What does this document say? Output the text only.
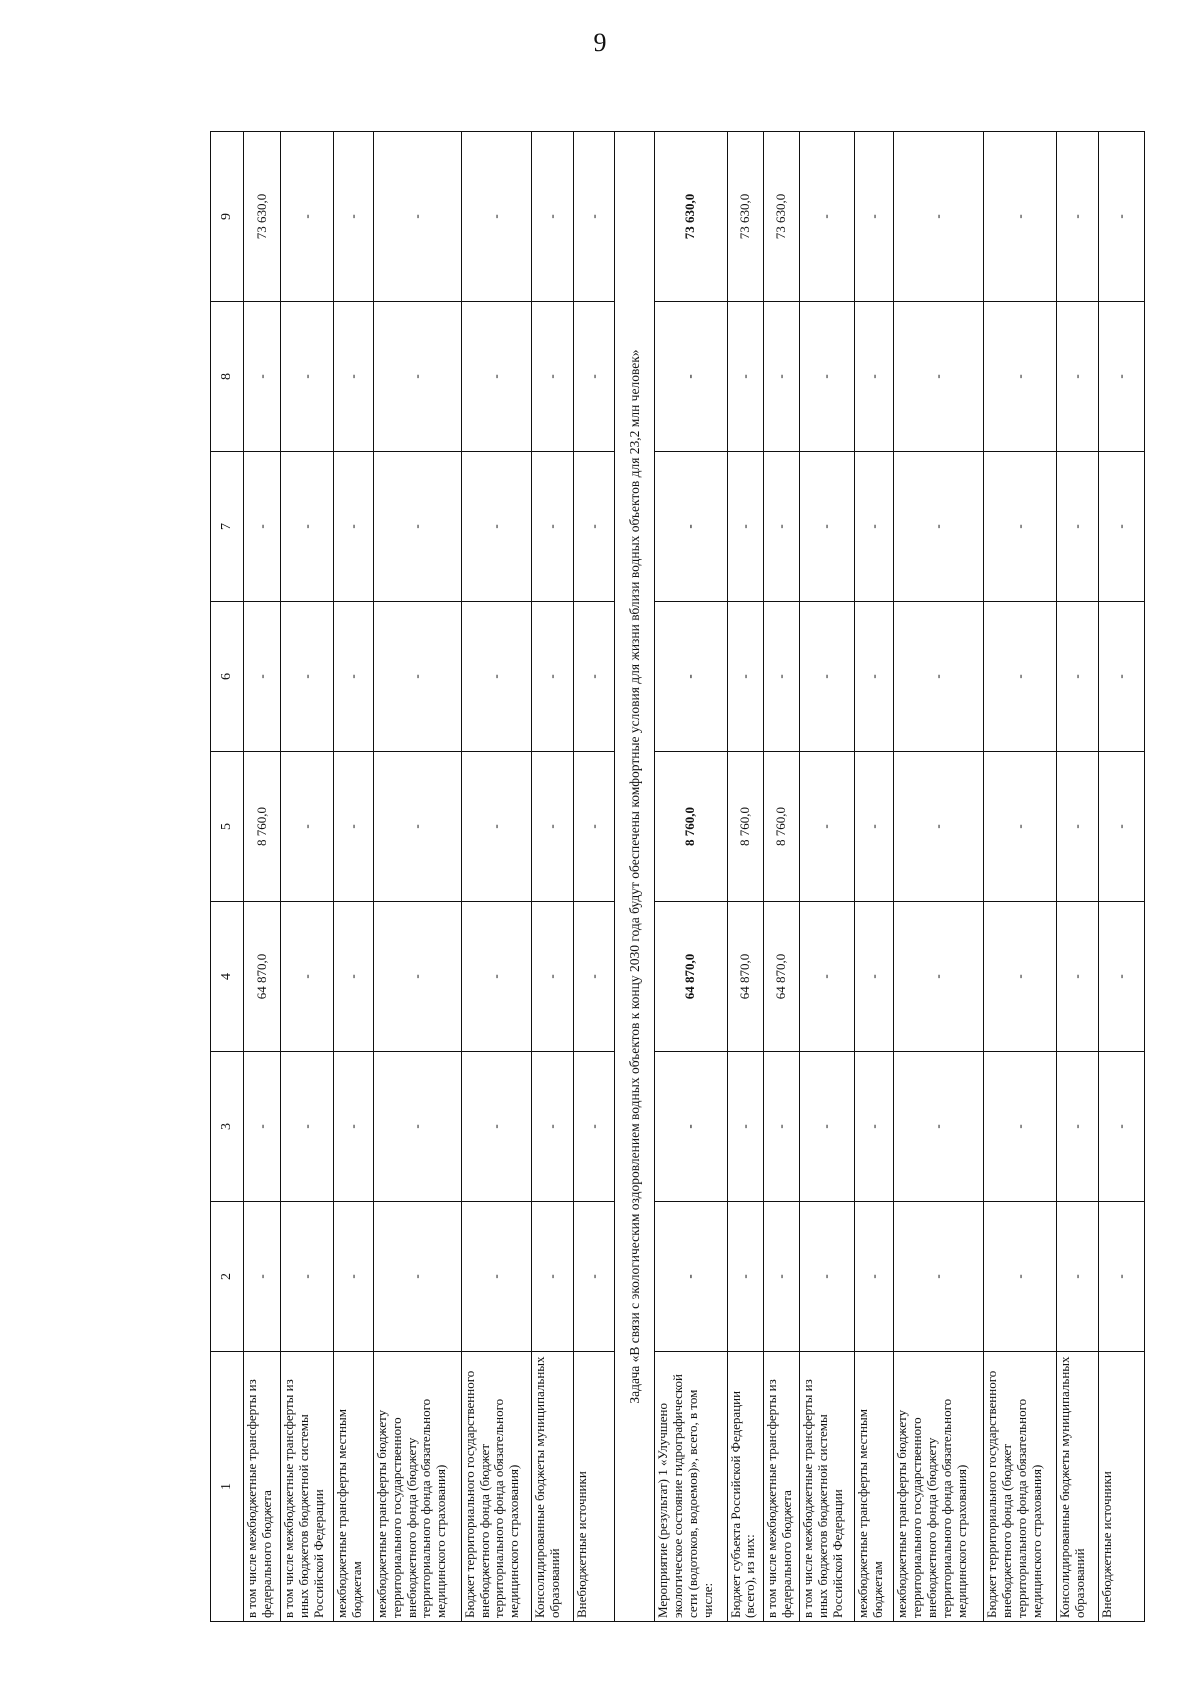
9
1	2	3	4	5	6	7	8	9
в том числе межбюджетные трансферты из федерального бюджета	-	-	64 870,0	8 760,0	-	-	-	73 630,0
в том числе межбюджетные трансферты из иных бюджетов бюджетной системы Российской Федерации	-	-	-	-	-	-	-	-
межбюджетные трансферты местным бюджетам	-	-	-	-	-	-	-	-
межбюджетные трансферты бюджету территориального государственного внебюджетного фонда (бюджету территориального фонда обязательного медицинского страхования)	-	-	-	-	-	-	-	-
Бюджет территориального государственного внебюджетного фонда (бюджет территориального фонда обязательного медицинского страхования)	-	-	-	-	-	-	-	-
Консолидированные бюджеты муниципальных образований	-	-	-	-	-	-	-	-
Внебюджетные источники	-	-	-	-	-	-	-	-
Задача «В связи с экологическим оздоровлением водных объектов к концу 2030 года будут обеспечены комфортные условия для жизни вблизи водных объектов для 23,2 млн человек»								
Мероприятие (результат) 1 «Улучшено экологическое состояние гидрографической сети (водотоков, водоемов)», всего, в том числе:	-	-	64 870,0	8 760,0	-	-	-	73 630,0
Бюджет субъекта Российской Федерации (всего), из них:	-	-	64 870,0	8 760,0	-	-	-	73 630,0
в том числе межбюджетные трансферты из федерального бюджета	-	-	64 870,0	8 760,0	-	-	-	73 630,0
в том числе межбюджетные трансферты из иных бюджетов бюджетной системы Российской Федерации	-	-	-	-	-	-	-	-
межбюджетные трансферты местным бюджетам	-	-	-	-	-	-	-	-
межбюджетные трансферты бюджету территориального государственного внебюджетного фонда (бюджету территориального фонда обязательного медицинского страхования)	-	-	-	-	-	-	-	-
Бюджет территориального государственного внебюджетного фонда (бюджет территориального фонда обязательного медицинского страхования)	-	-	-	-	-	-	-	-
Консолидированные бюджеты муниципальных образований	-	-	-	-	-	-	-	-
Внебюджетные источники	-	-	-	-	-	-	-	-
